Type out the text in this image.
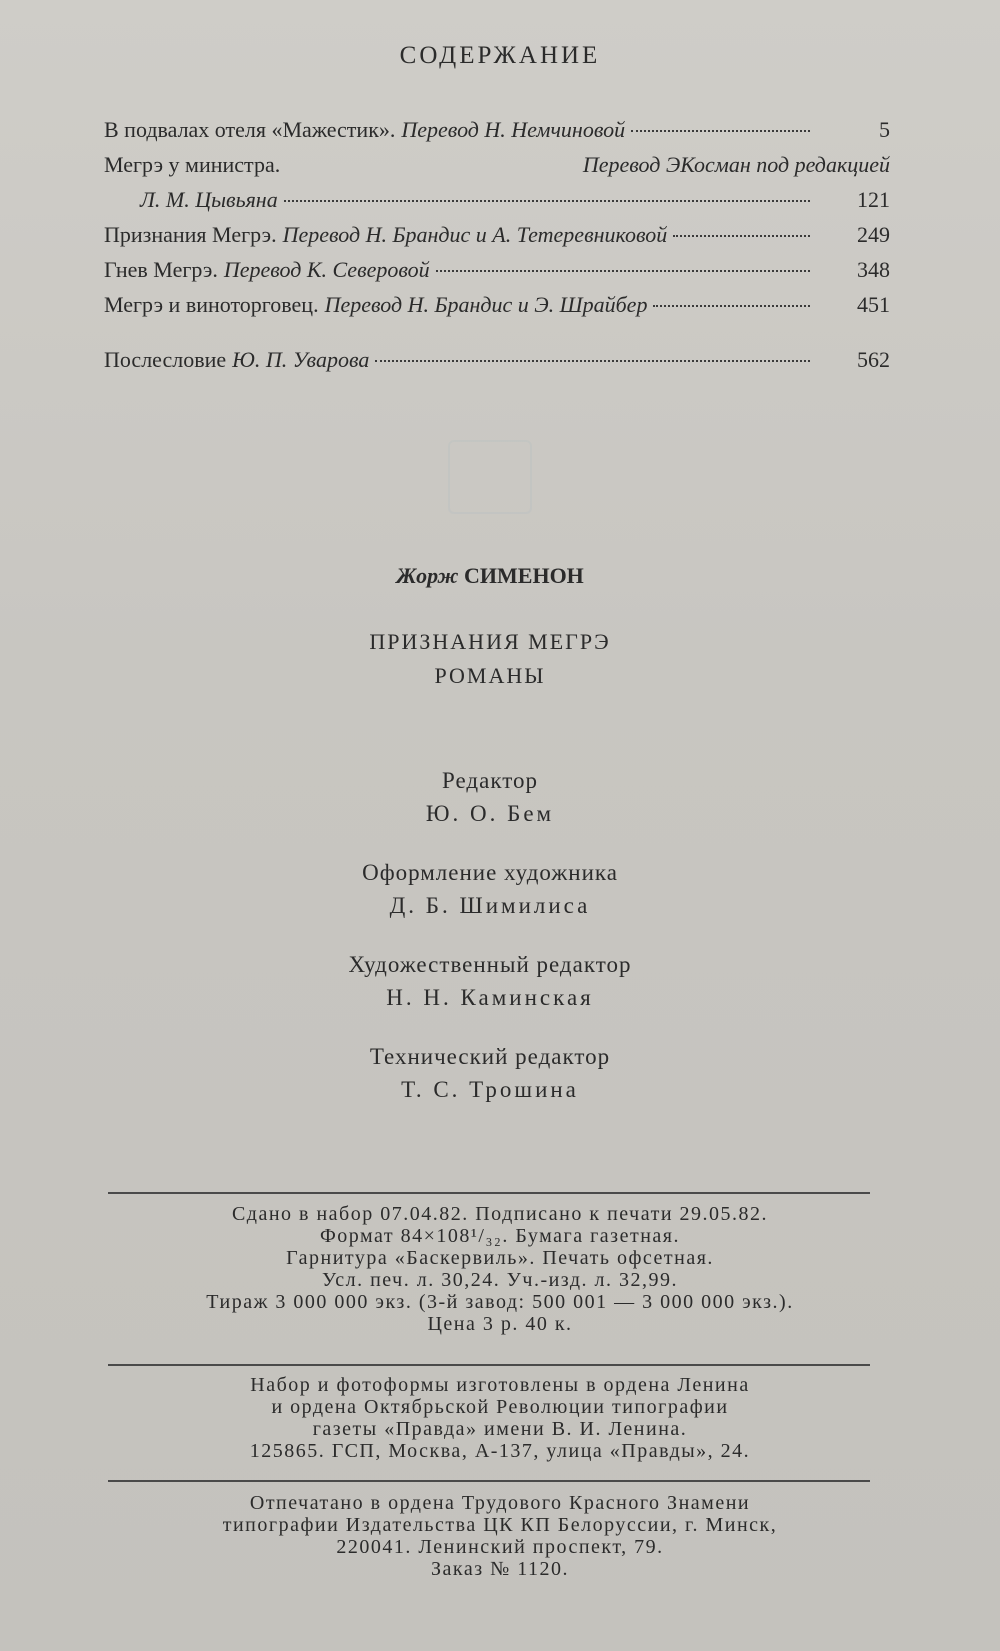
СОДЕРЖАНИЕ
В подвалах отеля «Мажестик». Перевод Н. Немчиновой	5
Мегрэ у министра.	Перевод ЭКосман под редакцией
Л. М. Цывьяна	121
Признания Мегрэ. Перевод Н. Брандис и А. Тетеревниковой	249
Гнев Мегрэ. Перевод К. Северовой	348
Мегрэ и виноторговец. Перевод Н. Брандис и Э. Шрайбер	451
Послесловие Ю. П. Уварова	562
Жорж СИМЕНОН
ПРИЗНАНИЯ МЕГРЭ
РОМАНЫ
Редактор
Ю. О. Бем
Оформление художника
Д. Б. Шимилиса
Художественный редактор
Н. Н. Каминская
Технический редактор
Т. С. Трошина
Сдано в набор 07.04.82. Подписано к печати 29.05.82.
Формат 84×108¹/₃₂. Бумага газетная.
Гарнитура «Баскервиль». Печать офсетная.
Усл. печ. л. 30,24. Уч.-изд. л. 32,99.
Тираж 3 000 000 экз. (3-й завод: 500 001 — 3 000 000 экз.).
Цена 3 р. 40 к.
Набор и фотоформы изготовлены в ордена Ленина
и ордена Октябрьской Революции типографии
газеты «Правда» имени В. И. Ленина.
125865. ГСП, Москва, А-137, улица «Правды», 24.
Отпечатано в ордена Трудового Красного Знамени
типографии Издательства ЦК КП Белоруссии, г. Минск,
220041. Ленинский проспект, 79.
Заказ № 1120.
